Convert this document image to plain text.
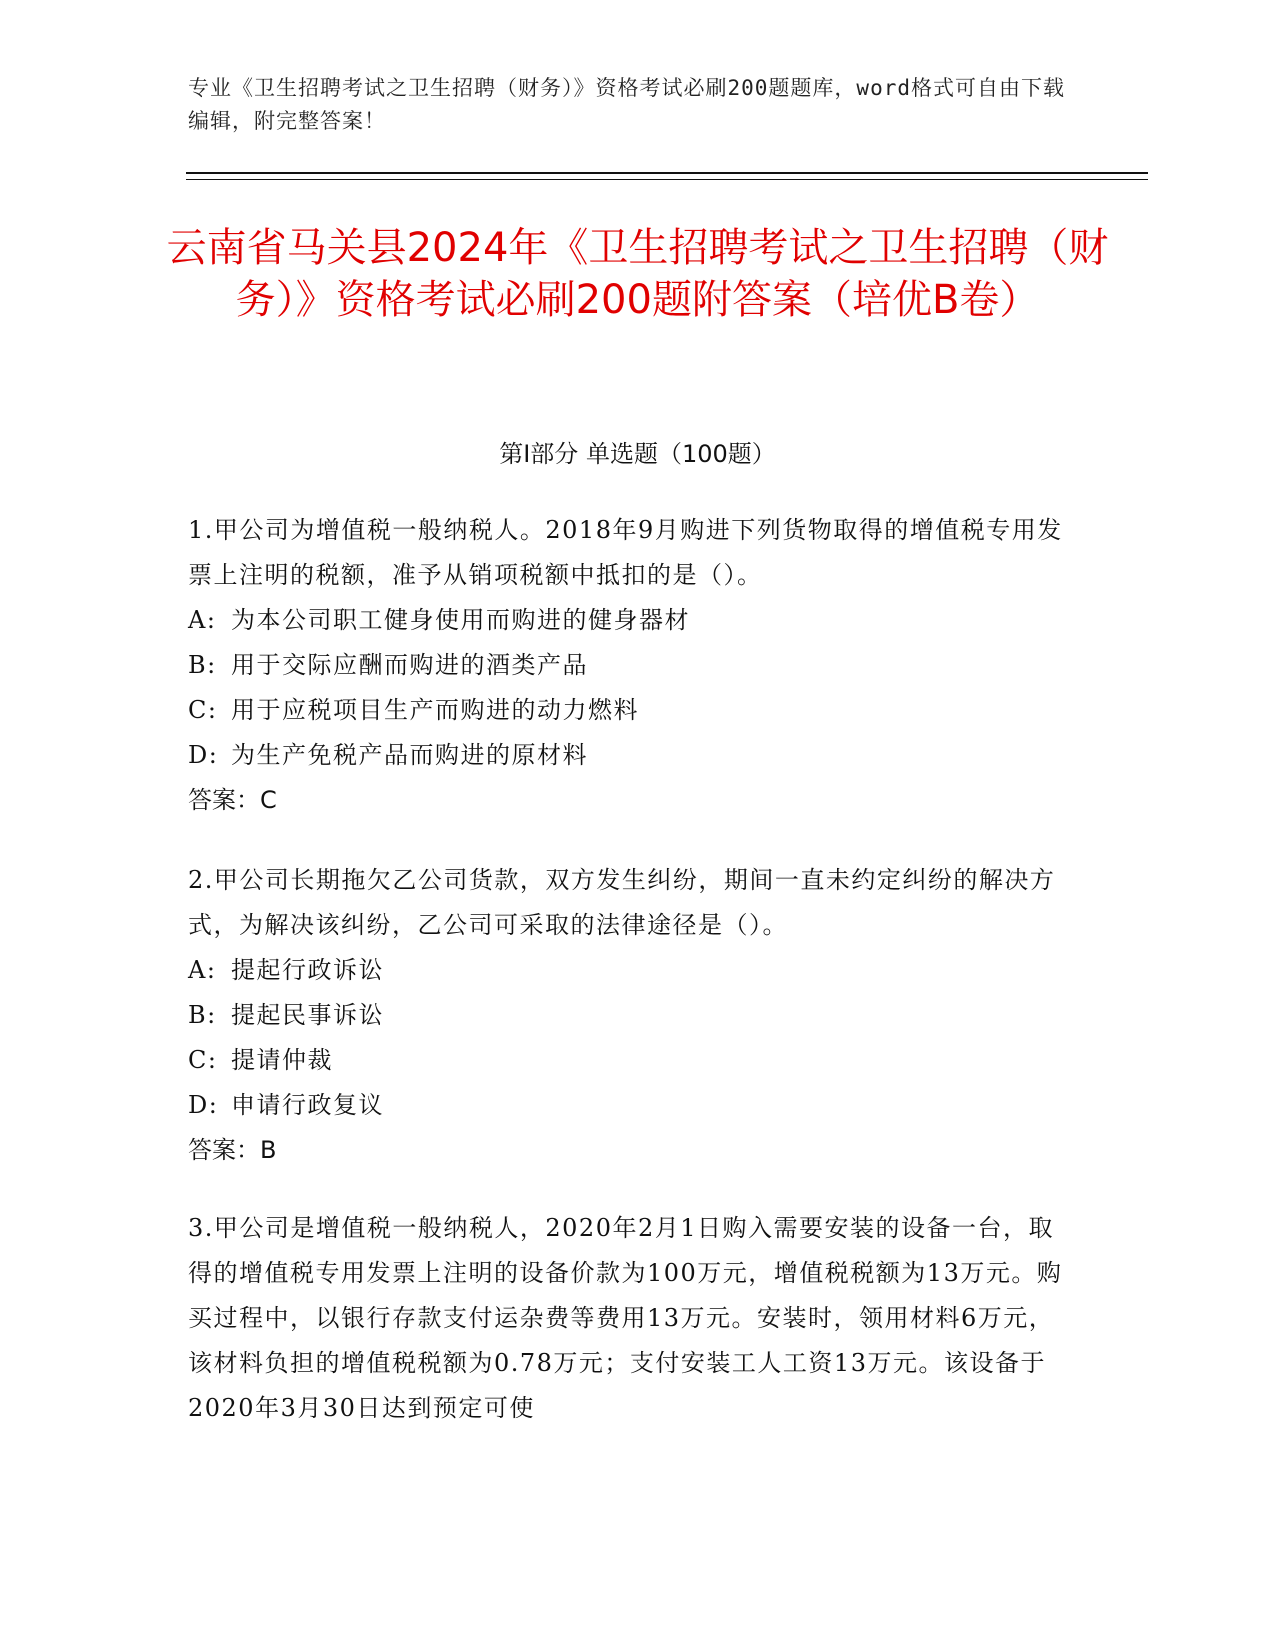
专业《卫生招聘考试之卫生招聘（财务）》资格考试必刷200题题库，word格式可自由下载编辑，附完整答案！
云南省马关县2024年《卫生招聘考试之卫生招聘（财务）》资格考试必刷200题附答案（培优B卷）
第I部分 单选题（100题）

1.甲公司为增值税一般纳税人。2018年9月购进下列货物取得的增值税专用发票上注明的税额，准予从销项税额中抵扣的是（）。

A: 为本公司职工健身使用而购进的健身器材
B: 用于交际应酬而购进的酒类产品
C: 用于应税项目生产而购进的动力燃料
D: 为生产免税产品而购进的原材料

答案：C

2.甲公司长期拖欠乙公司货款，双方发生纠纷，期间一直未约定纠纷的解决方式，为解决该纠纷，乙公司可采取的法律途径是（）。

A: 提起行政诉讼
B: 提起民事诉讼
C: 提请仲裁
D: 申请行政复议

答案：B

3.甲公司是增值税一般纳税人，2020年2月1日购入需要安装的设备一台，取得的增值税专用发票上注明的设备价款为100万元，增值税税额为13万元。购买过程中，以银行存款支付运杂费等费用13万元。安装时，领用材料6万元，该材料负担的增值税税额为0.78万元；支付安装工人工资13万元。该设备于2020年3月30日达到预定可使
